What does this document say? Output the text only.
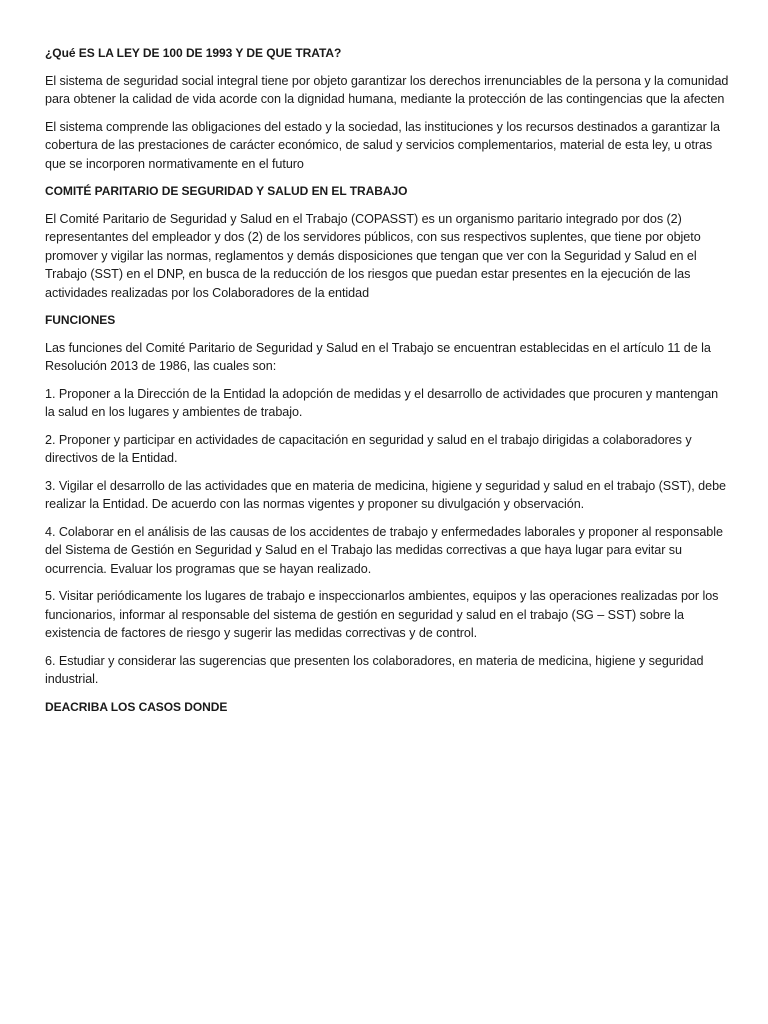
¿Qué ES LA LEY DE 100 DE 1993 Y DE QUE TRATA?

El sistema de seguridad social integral tiene por objeto garantizar los derechos irrenunciables de la persona y la comunidad para obtener la calidad de vida acorde con la dignidad humana, mediante la protección de las contingencias que la afecten

El sistema comprende las obligaciones del estado y la sociedad, las instituciones y los recursos destinados a garantizar la cobertura de las prestaciones de carácter económico, de salud y servicios complementarios, material de esta ley, u otras que se incorporen normativamente en el futuro

COMITÉ PARITARIO DE SEGURIDAD Y SALUD EN EL TRABAJO

El Comité Paritario de Seguridad y Salud en el Trabajo (COPASST) es un organismo paritario integrado por dos (2) representantes del empleador y dos (2) de los servidores públicos, con sus respectivos suplentes, que tiene por objeto promover y vigilar las normas, reglamentos y demás disposiciones que tengan que ver con la Seguridad y Salud en el Trabajo (SST) en el DNP, en busca de la reducción de los riesgos que puedan estar presentes en la ejecución de las actividades realizadas por los Colaboradores de la entidad

FUNCIONES

Las funciones del Comité Paritario de Seguridad y Salud en el Trabajo se encuentran establecidas en el artículo 11 de la Resolución 2013 de 1986, las cuales son:

1. Proponer a la Dirección de la Entidad la adopción de medidas y el desarrollo de actividades que procuren y mantengan la salud en los lugares y ambientes de trabajo.

2. Proponer y participar en actividades de capacitación en seguridad y salud en el trabajo dirigidas a colaboradores y directivos de la Entidad.

3. Vigilar el desarrollo de las actividades que en materia de medicina, higiene y seguridad y salud en el trabajo (SST), debe realizar la Entidad. De acuerdo con las normas vigentes y proponer su divulgación y observación.

4. Colaborar en el análisis de las causas de los accidentes de trabajo y enfermedades laborales y proponer al responsable del Sistema de Gestión en Seguridad y Salud en el Trabajo las medidas correctivas a que haya lugar para evitar su ocurrencia. Evaluar los programas que se hayan realizado.

5. Visitar periódicamente los lugares de trabajo e inspeccionarlos ambientes, equipos y las operaciones realizadas por los funcionarios, informar al responsable del sistema de gestión en seguridad y salud en el trabajo (SG – SST) sobre la existencia de factores de riesgo y sugerir las medidas correctivas y de control.

6. Estudiar y considerar las sugerencias que presenten los colaboradores, en materia de medicina, higiene y seguridad industrial.

DEACRIBA LOS CASOS DONDE
